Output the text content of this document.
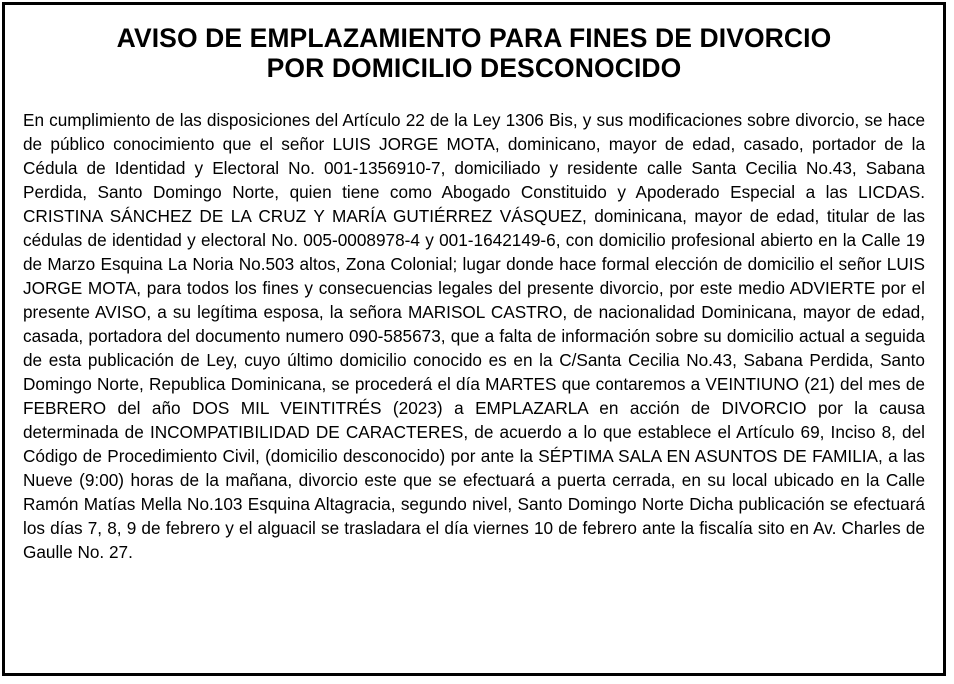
AVISO DE EMPLAZAMIENTO PARA FINES DE DIVORCIO
POR DOMICILIO DESCONOCIDO

En cumplimiento de las disposiciones del Artículo 22 de la Ley 1306 Bis, y sus modificaciones sobre divorcio, se hace de público conocimiento que el señor LUIS JORGE MOTA, dominicano, mayor de edad, casado, portador de la Cédula de Identidad y Electoral No. 001-1356910-7, domiciliado y residente calle Santa Cecilia No.43, Sabana Perdida, Santo Domingo Norte, quien tiene como Abogado Constituido y Apoderado Especial a las LICDAS. CRISTINA SÁNCHEZ DE LA CRUZ Y MARÍA GUTIÉRREZ VÁSQUEZ, dominicana, mayor de edad, titular de las cédulas de identidad y electoral No. 005-0008978-4 y 001-1642149-6, con domicilio profesional abierto en la Calle 19 de Marzo Esquina La Noria No.503 altos, Zona Colonial; lugar donde hace formal elección de domicilio el señor LUIS JORGE MOTA, para todos los fines y consecuencias legales del presente divorcio, por este medio ADVIERTE por el presente AVISO, a su legítima esposa, la señora MARISOL CASTRO, de nacionalidad Dominicana, mayor de edad, casada, portadora del documento numero 090-585673, que a falta de información sobre su domicilio actual a seguida de esta publicación de Ley, cuyo último domicilio conocido es en la C/Santa Cecilia No.43, Sabana Perdida, Santo Domingo Norte, Republica Dominicana, se procederá el día MARTES que contaremos a VEINTIUNO (21) del mes de FEBRERO del año DOS MIL VEINTITRÉS (2023) a EMPLAZARLA en acción de DIVORCIO por la causa determinada de INCOMPATIBILIDAD DE CARACTERES, de acuerdo a lo que establece el Artículo 69, Inciso 8, del Código de Procedimiento Civil, (domicilio desconocido) por ante la SÉPTIMA SALA EN ASUNTOS DE FAMILIA, a las Nueve (9:00) horas de la mañana, divorcio este que se efectuará a puerta cerrada, en su local ubicado en la Calle Ramón Matías Mella No.103 Esquina Altagracia, segundo nivel, Santo Domingo Norte Dicha publicación se efectuará los días 7, 8, 9 de febrero y el alguacil se trasladara el día viernes 10 de febrero ante la fiscalía sito en Av. Charles de Gaulle No. 27.
